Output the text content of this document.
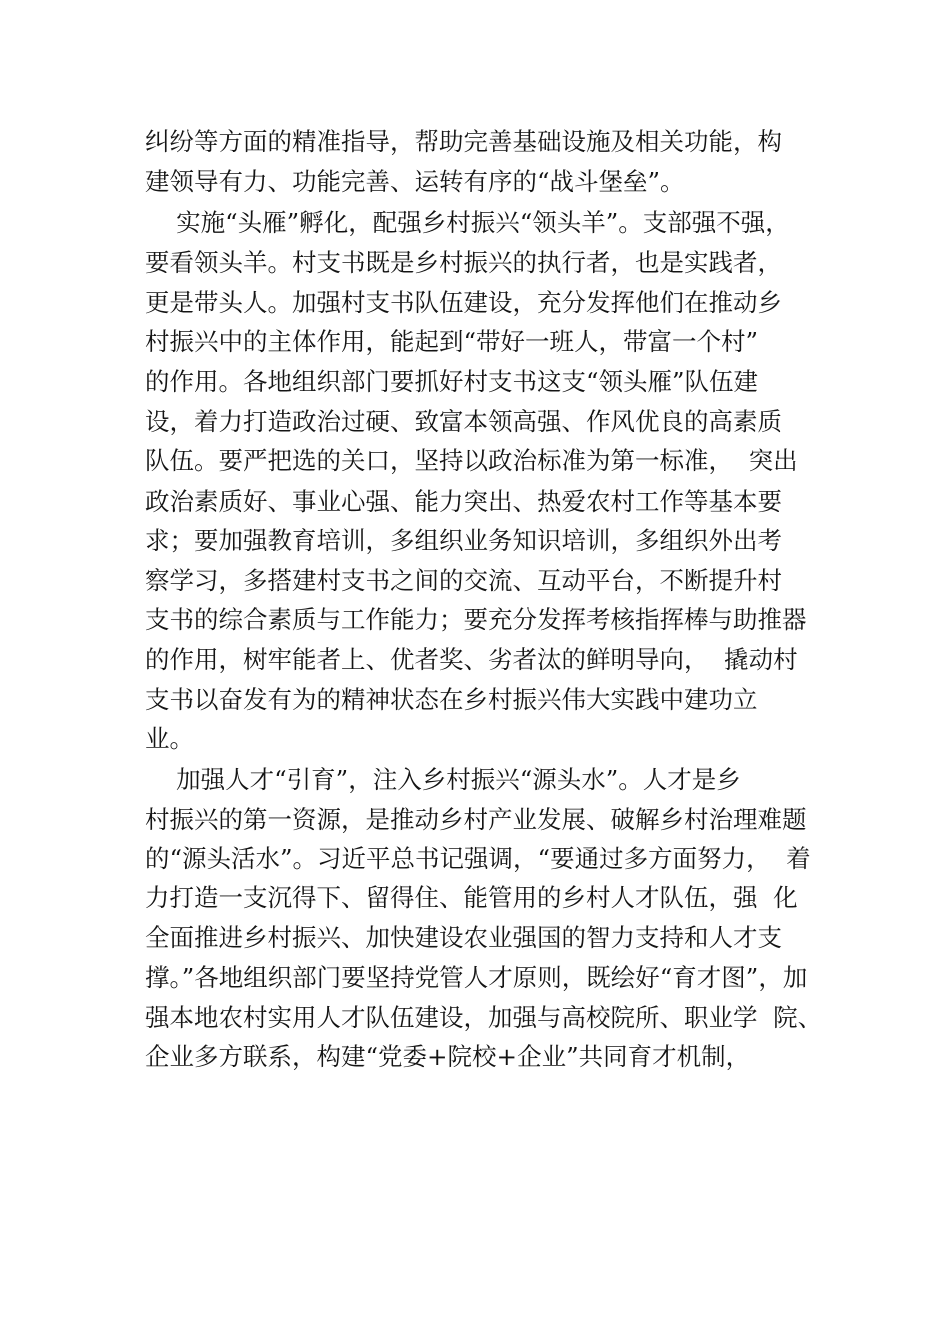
纠纷等方面的精准指导，帮助完善基础设施及相关功能，构

建领导有力、功能完善、运转有序的“战斗堡垒”。

实施“头雁”孵化，配强乡村振兴“领头羊”。支部强不强，

要看领头羊。村支书既是乡村振兴的执行者，也是实践者，

更是带头人。加强村支书队伍建设，充分发挥他们在推动乡

村振兴中的主体作用，能起到“带好一班人，带富一个村”

的作用。各地组织部门要抓好村支书这支“领头雁”队伍建

设，着力打造政治过硬、致富本领高强、作风优良的高素质

队伍。要严把选的关口，坚持以政治标准为第一标准，  突出

政治素质好、事业心强、能力突出、热爱农村工作等基本要

求；要加强教育培训，多组织业务知识培训，多组织外出考

察学习，多搭建村支书之间的交流、互动平台，不断提升村

支书的综合素质与工作能力；要充分发挥考核指挥棒与助推器

的作用，树牢能者上、优者奖、劣者汰的鲜明导向，  撬动村

支书以奋发有为的精神状态在乡村振兴伟大实践中建功立

业。

加强人才“引育”，注入乡村振兴“源头水”。人才是乡

村振兴的第一资源，是推动乡村产业发展、破解乡村治理难题

的“源头活水”。习近平总书记强调，“要通过多方面努力，  着

力打造一支沉得下、留得住、能管用的乡村人才队伍，强  化

全面推进乡村振兴、加快建设农业强国的智力支持和人才支

撑。”各地组织部门要坚持党管人才原则，既绘好“育才图”，加

强本地农村实用人才队伍建设，加强与高校院所、职业学  院、

企业多方联系，构建“党委+院校+企业”共同育才机制，
